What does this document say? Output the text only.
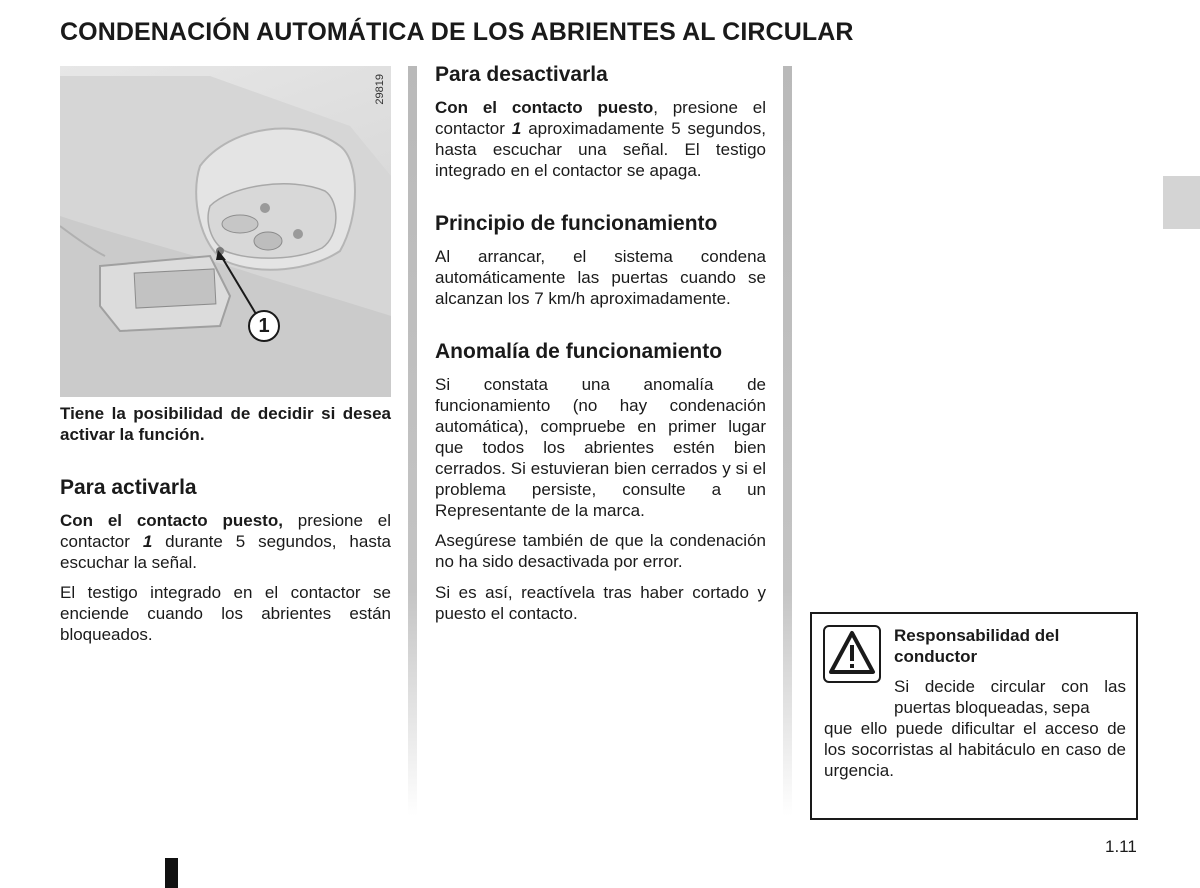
CONDENACIÓN AUTOMÁTICA DE LOS ABRIENTES AL CIRCULAR
29819
1

Tiene la posibilidad de decidir si desea activar la función.

Para activarla

Con el contacto puesto, presione el contactor 1 durante 5 segundos, hasta escuchar la señal.

El testigo integrado en el contactor se enciende cuando los abrientes están bloqueados.

Para desactivarla

Con el contacto puesto, presione el contactor 1 aproximadamente 5 segundos, hasta escuchar una señal. El testigo integrado en el contactor se apaga.

Principio de funcionamiento

Al arrancar, el sistema condena automáticamente las puertas cuando se alcanzan los 7 km/h aproximadamente.

Anomalía de funcionamiento

Si constata una anomalía de funcionamiento (no hay condenación automática), compruebe en primer lugar que todos los abrientes estén bien cerrados. Si estuvieran bien cerrados y si el problema persiste, consulte a un Representante de la marca.

Asegúrese también de que la condenación no ha sido desactivada por error.

Si es así, reactívela tras haber cortado y puesto el contacto.

Responsabilidad del conductor
Si decide circular con las puertas bloqueadas, sepa
que ello puede dificultar el acceso de los socorristas al habitáculo en caso de urgencia.
1.11
